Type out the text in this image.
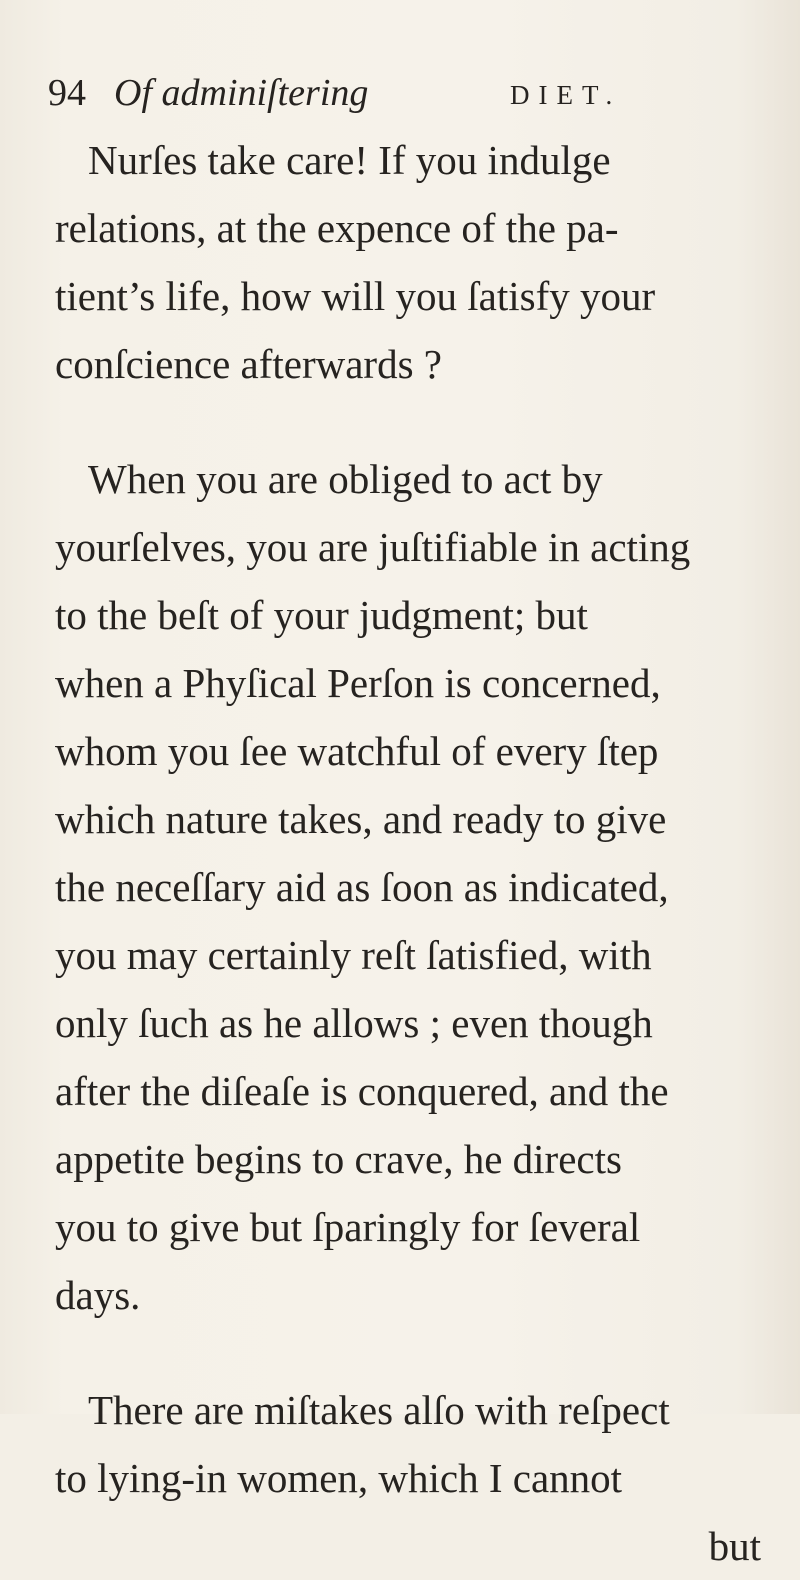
94 Of adminiſtering	DIET.
Nurſes take care! If you indulge
relations, at the expence of the pa-
tient’s life, how will you ſatisfy your
conſcience afterwards ?
When you are obliged to act by
yourſelves, you are juſtifiable in acting
to the beſt of your judgment; but
when a Phyſical Perſon is concerned,
whom you ſee watchful of every ſtep
which nature takes, and ready to give
the neceſſary aid as ſoon as indicated,
you may certainly reſt ſatisfied, with
only ſuch as he allows ; even though
after the diſeaſe is conquered, and the
appetite begins to crave, he directs
you to give but ſparingly for ſeveral
days.
There are miſtakes alſo with reſpect
to lying-in women, which I cannot
but
